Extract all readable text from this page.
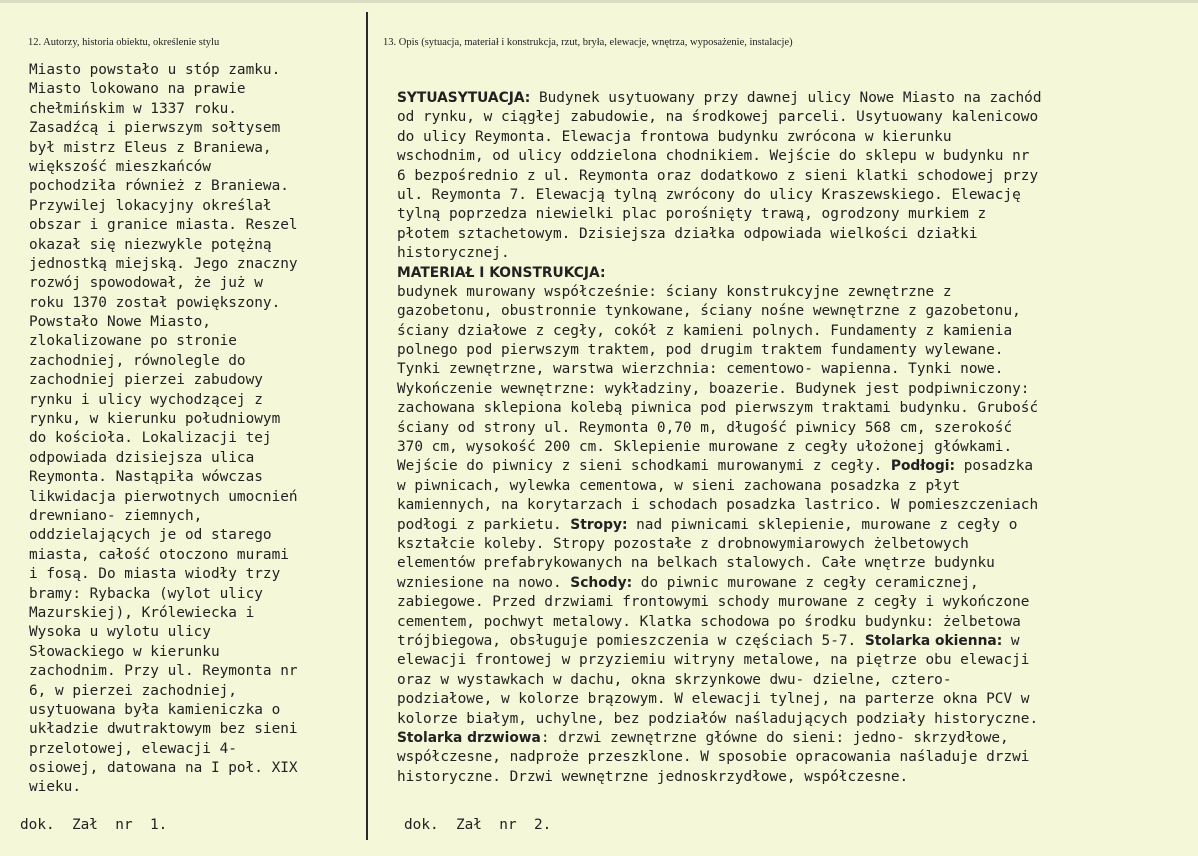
12. Autorzy, historia obiektu, określenie stylu	13. Opis (sytuacja, materiał i konstrukcja, rzut, bryła, elewacje, wnętrza, wyposażenie, instalacje)
Miasto powstało u stóp zamku.
Miasto lokowano na prawie
chełmińskim w 1337 roku.
Zasadźcą i pierwszym sołtysem
był mistrz Eleus z Braniewa,
większość mieszkańców
pochodziła również z Braniewa.
Przywilej lokacyjny określał
obszar i granice miasta. Reszel
okazał się niezwykle potężną
jednostką miejską. Jego znaczny
rozwój spowodował, że już w
roku 1370 został powiększony.
Powstało Nowe Miasto,
zlokalizowane po stronie
zachodniej, równolegle do
zachodniej pierzei zabudowy
rynku i ulicy wychodzącej z
rynku, w kierunku południowym
do kościoła. Lokalizacji tej
odpowiada dzisiejsza ulica
Reymonta. Nastąpiła wówczas
likwidacja pierwotnych umocnień
drewniano- ziemnych,
oddzielających je od starego
miasta, całość otoczono murami
i fosą. Do miasta wiodły trzy
bramy: Rybacka (wylot ulicy
Mazurskiej), Królewiecka i
Wysoka u wylotu ulicy
Słowackiego w kierunku
zachodnim. Przy ul. Reymonta nr
6, w pierzei zachodniej,
usytuowana była kamieniczka o
układzie dwutraktowym bez sieni
przelotowej, elewacji 4-
osiowej, datowana na I poł. XIX
wieku.
SYTUASYTUACJA: Budynek usytuowany przy dawnej ulicy Nowe Miasto na zachód
od rynku, w ciągłej zabudowie, na środkowej parceli. Usytuowany kalenicowo
do ulicy Reymonta. Elewacja frontowa budynku zwrócona w kierunku
wschodnim, od ulicy oddzielona chodnikiem. Wejście do sklepu w budynku nr
6 bezpośrednio z ul. Reymonta oraz dodatkowo z sieni klatki schodowej przy
ul. Reymonta 7. Elewacją tylną zwrócony do ulicy Kraszewskiego. Elewację
tylną poprzedza niewielki plac porośnięty trawą, ogrodzony murkiem z
płotem sztachetowym. Dzisiejsza działka odpowiada wielkości działki
historycznej.
MATERIAŁ I KONSTRUKCJA:
budynek murowany współcześnie: ściany konstrukcyjne zewnętrzne z
gazobetonu, obustronnie tynkowane, ściany nośne wewnętrzne z gazobetonu,
ściany działowe z cegły, cokół z kamieni polnych. Fundamenty z kamienia
polnego pod pierwszym traktem, pod drugim traktem fundamenty wylewane.
Tynki zewnętrzne, warstwa wierzchnia: cementowo- wapienna. Tynki nowe.
Wykończenie wewnętrzne: wykładziny, boazerie. Budynek jest podpiwniczony:
zachowana sklepiona kolebą piwnica pod pierwszym traktami budynku. Grubość
ściany od strony ul. Reymonta 0,70 m, długość piwnicy 568 cm, szerokość
370 cm, wysokość 200 cm. Sklepienie murowane z cegły ułożonej główkami.
Wejście do piwnicy z sieni schodkami murowanymi z cegły. Podłogi: posadzka
w piwnicach, wylewka cementowa, w sieni zachowana posadzka z płyt
kamiennych, na korytarzach i schodach posadzka lastrico. W pomieszczeniach
podłogi z parkietu. Stropy: nad piwnicami sklepienie, murowane z cegły o
kształcie koleby. Stropy pozostałe z drobnowymiarowych żelbetowych
elementów prefabrykowanych na belkach stalowych. Całe wnętrze budynku
wzniesione na nowo. Schody: do piwnic murowane z cegły ceramicznej,
zabiegowe. Przed drzwiami frontowymi schody murowane z cegły i wykończone
cementem, pochwyt metalowy. Klatka schodowa po środku budynku: żelbetowa
trójbiegowa, obsługuje pomieszczenia w częściach 5-7. Stolarka okienna: w
elewacji frontowej w przyziemiu witryny metalowe, na piętrze obu elewacji
oraz w wystawkach w dachu, okna skrzynkowe dwu- dzielne, cztero-
podziałowe, w kolorze brązowym. W elewacji tylnej, na parterze okna PCV w
kolorze białym, uchylne, bez podziałów naśladujących podziały historyczne.
Stolarka drzwiowa: drzwi zewnętrzne główne do sieni: jedno- skrzydłowe,
współczesne, nadproże przeszklone. W sposobie opracowania naśladuje drzwi
historyczne. Drzwi wewnętrzne jednoskrzydłowe, współczesne.
dok.  Zał  nr  1.	dok.  Zał  nr  2.
